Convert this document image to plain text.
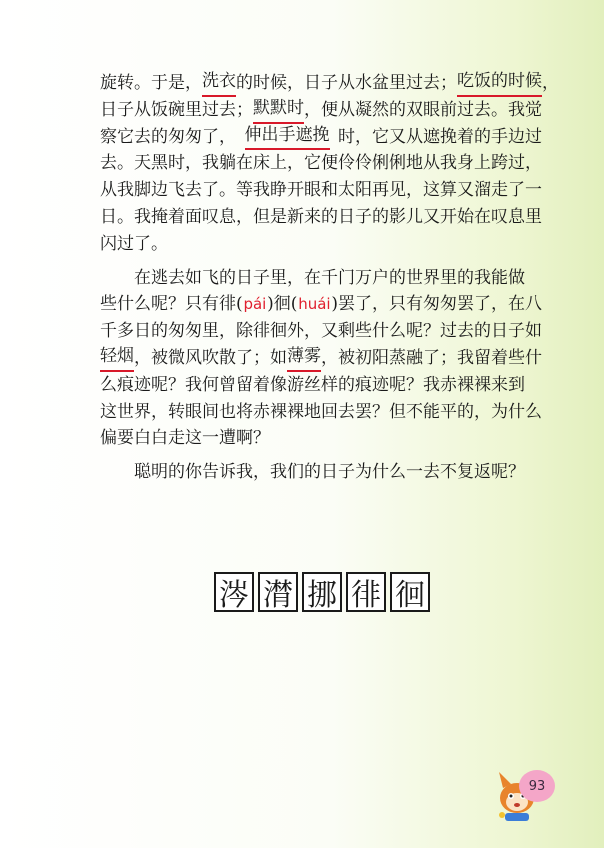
旋转。于是， 洗衣 的时候，日子从水盆里过去； 吃饭的时候 ，
日子从饭碗里过去； 默默时 ，便从凝然的双眼前过去。我觉
察它去的匆匆了， 伸出手遮挽 时，它又从遮挽着的手边过
去。天黑时，我躺在床上，它便伶伶俐俐地从我身上跨过，
从我脚边飞去了。等我睁开眼和太阳再见，这算又溜走了一
日。我掩着面叹息，但是新来的日子的影儿又开始在叹息里
闪过了。
在逃去如飞的日子里，在千门万户的世界里的我能做
些什么呢？只有徘( pái )徊( huái )罢了，只有匆匆罢了，在八
千多日的匆匆里，除徘徊外，又剩些什么呢？过去的日子如
轻烟 ，被微风吹散了；如 薄雾 ，被初阳蒸融了；我留着些什
么痕迹呢？我何曾留着像游丝样的痕迹呢？我赤裸裸来到
这世界，转眼间也将赤裸裸地回去罢？但不能平的，为什么
偏要白白走这一遭啊？
聪明的你告诉我，我们的日子为什么一去不复返呢？
涔 潸 挪 徘 徊
93
